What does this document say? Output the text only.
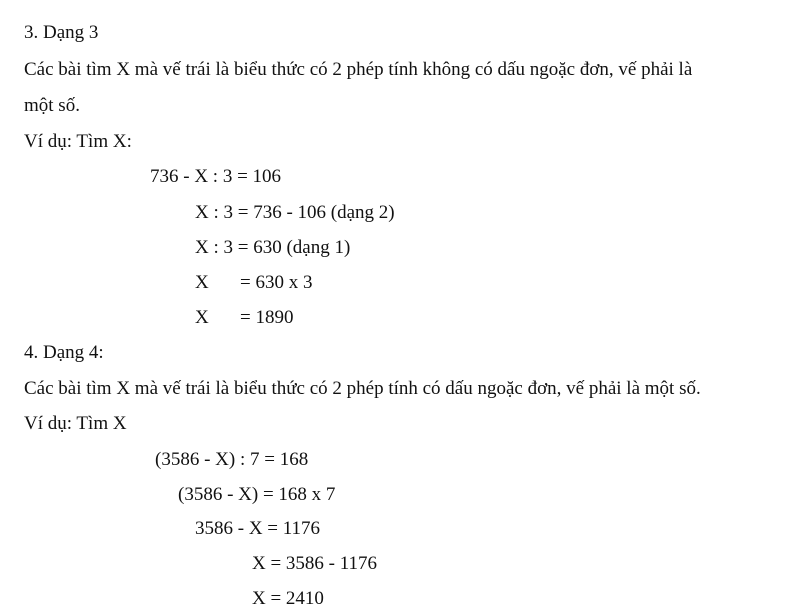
3. Dạng 3
Các bài tìm X mà vế trái là biểu thức có 2 phép tính không có dấu ngoặc đơn, vế phải là
một số.
Ví dụ: Tìm X:
736 - X : 3 = 106
X : 3 = 736 - 106 (dạng 2)
X : 3 = 630 (dạng 1)
X = 630 x 3
X = 1890
4. Dạng 4:
Các bài tìm X mà vế trái là biểu thức có 2 phép tính có dấu ngoặc đơn, vế phải là một số.
Ví dụ: Tìm X
(3586 - X) : 7 = 168
(3586 - X) = 168 x 7
3586 - X = 1176
X = 3586 - 1176
X = 2410
